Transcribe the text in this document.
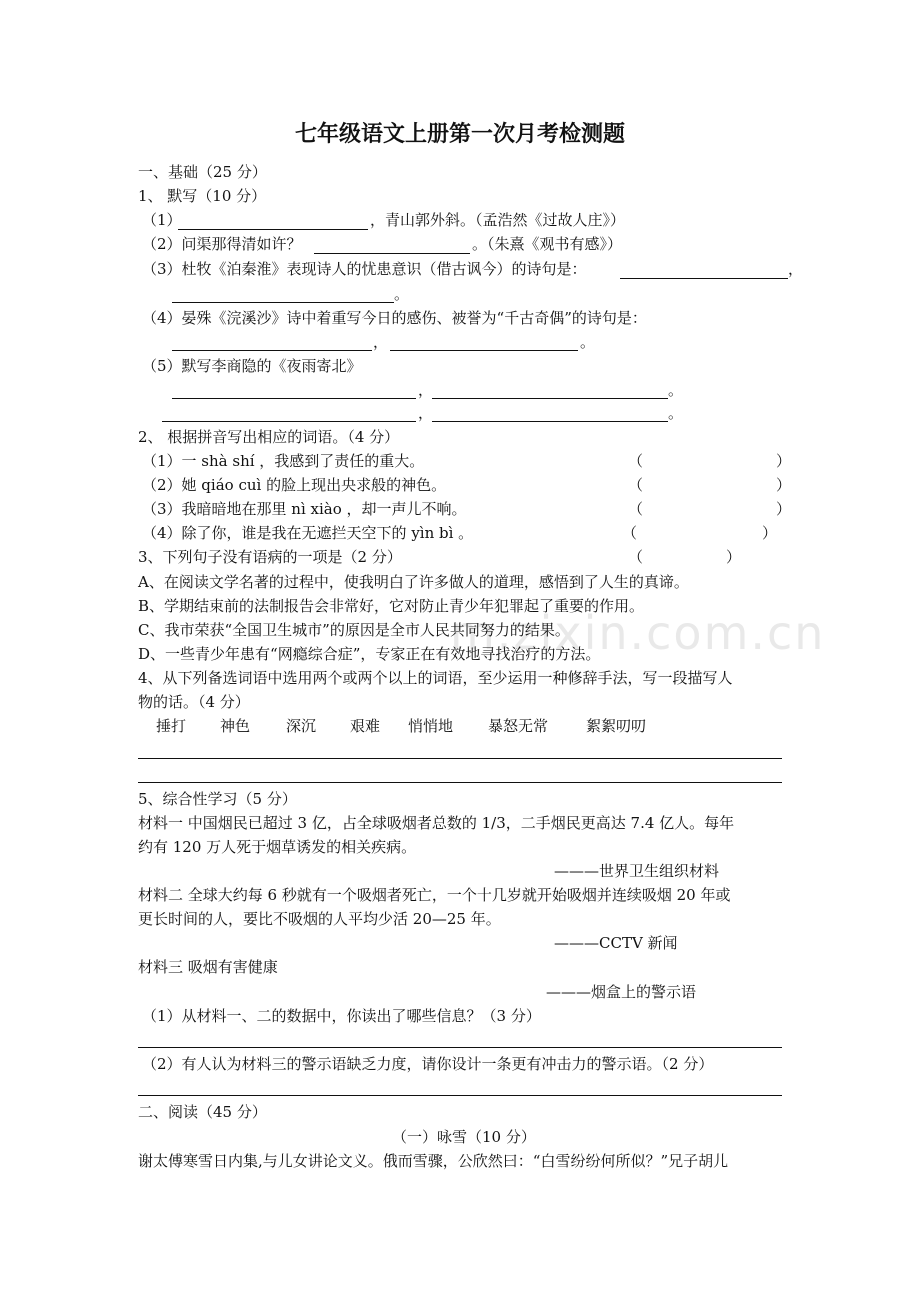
m.zixin.com.cn
七年级语文上册第一次月考检测题
一、基础（25 分）
1、 默写（10 分）
（1）	，青山郭外斜。（孟浩然《过故人庄》）
（2）问渠那得清如许？	。（朱熹《观书有感》）
（3）杜牧《泊秦淮》表现诗人的忧患意识（借古讽今）的诗句是：	，
。
（4）晏殊《浣溪沙》诗中着重写今日的感伤、被誉为“千古奇偶”的诗句是：
，	。
（5）默写李商隐的《夜雨寄北》
，	。
，	。
2、 根据拼音写出相应的词语。（4 分）
（1）一 shà shí ，我感到了责任的重大。	（	）
（2）她 qiáo cuì 的脸上现出央求般的神色。	（	）
（3）我暗暗地在那里 nì xiào ，却一声儿不响。	（	）
（4）除了你，谁是我在无遮拦天空下的 yìn bì 。	（	）
3、下列句子没有语病的一项是（2 分）	（	）
A、在阅读文学名著的过程中，使我明白了许多做人的道理，感悟到了人生的真谛。
B、学期结束前的法制报告会非常好，它对防止青少年犯罪起了重要的作用。
C、我市荣获“全国卫生城市”的原因是全市人民共同努力的结果。
D、一些青少年患有“网瘾综合症”，专家正在有效地寻找治疗的方法。
4、从下列备选词语中选用两个或两个以上的词语，至少运用一种修辞手法，写一段描写人
物的话。（4 分）
捶打 神色 深沉 艰难 悄悄地 暴怒无常	絮絮叨叨
5、综合性学习（5 分）
材料一 中国烟民已超过 3 亿，占全球吸烟者总数的 1/3，二手烟民更高达 7.4 亿人。每年
约有 120 万人死于烟草诱发的相关疾病。
———世界卫生组织材料
材料二 全球大约每 6 秒就有一个吸烟者死亡，一个十几岁就开始吸烟并连续吸烟 20 年或
更长时间的人，要比不吸烟的人平均少活 20—25 年。
———CCTV 新闻
材料三 吸烟有害健康
———烟盒上的警示语
（1）从材料一、二的数据中，你读出了哪些信息？（3 分）
（2）有人认为材料三的警示语缺乏力度，请你设计一条更有冲击力的警示语。（2 分）
二、阅读（45 分）
（一）咏雪（10 分）
谢太傅寒雪日内集,与儿女讲论文义。俄而雪骤，公欣然曰：“白雪纷纷何所似？”兄子胡儿
